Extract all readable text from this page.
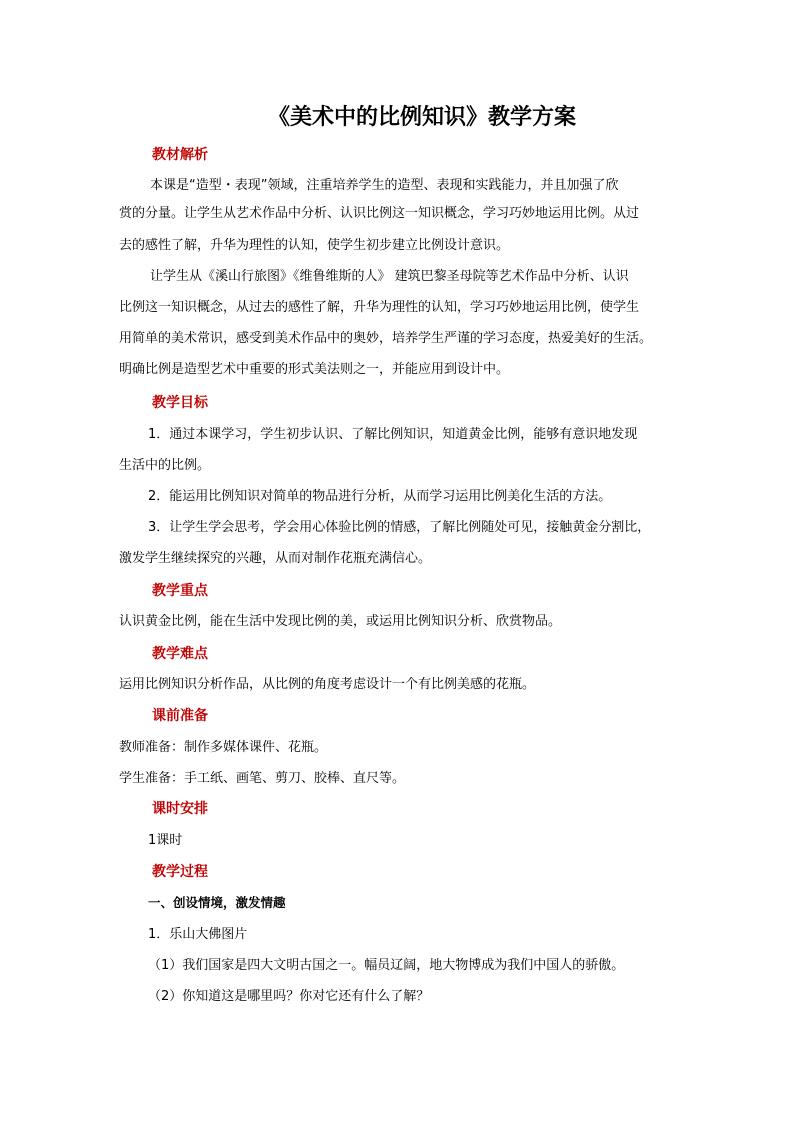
《美术中的比例知识》教学方案
教材解析
本课是“造型・表现”领域，注重培养学生的造型、表现和实践能力，并且加强了欣
赏的分量。让学生从艺术作品中分析、认识比例这一知识概念，学习巧妙地运用比例。从过
去的感性了解，升华为理性的认知，使学生初步建立比例设计意识。
让学生从《溪山行旅图》《维鲁维斯的人》 建筑巴黎圣母院等艺术作品中分析、认识
比例这一知识概念，从过去的感性了解，升华为理性的认知，学习巧妙地运用比例，使学生
用简单的美术常识，感受到美术作品中的奥妙，培养学生严谨的学习态度，热爱美好的生活。
明确比例是造型艺术中重要的形式美法则之一，并能应用到设计中。
教学目标
1．通过本课学习，学生初步认识、了解比例知识，知道黄金比例，能够有意识地发现
生活中的比例。
2．能运用比例知识对简单的物品进行分析，从而学习运用比例美化生活的方法。
3．让学生学会思考，学会用心体验比例的情感，了解比例随处可见，接触黄金分割比，
激发学生继续探究的兴趣，从而对制作花瓶充满信心。
教学重点
认识黄金比例，能在生活中发现比例的美，或运用比例知识分析、欣赏物品。
教学难点
运用比例知识分析作品，从比例的角度考虑设计一个有比例美感的花瓶。
课前准备
教师准备：制作多媒体课件、花瓶。
学生准备：手工纸、画笔、剪刀、胶棒、直尺等。
课时安排
1课时
教学过程
一、创设情境，激发情趣
1．乐山大佛图片
（1）我们国家是四大文明古国之一。幅员辽阔，地大物博成为我们中国人的骄傲。
（2）你知道这是哪里吗？你对它还有什么了解？
